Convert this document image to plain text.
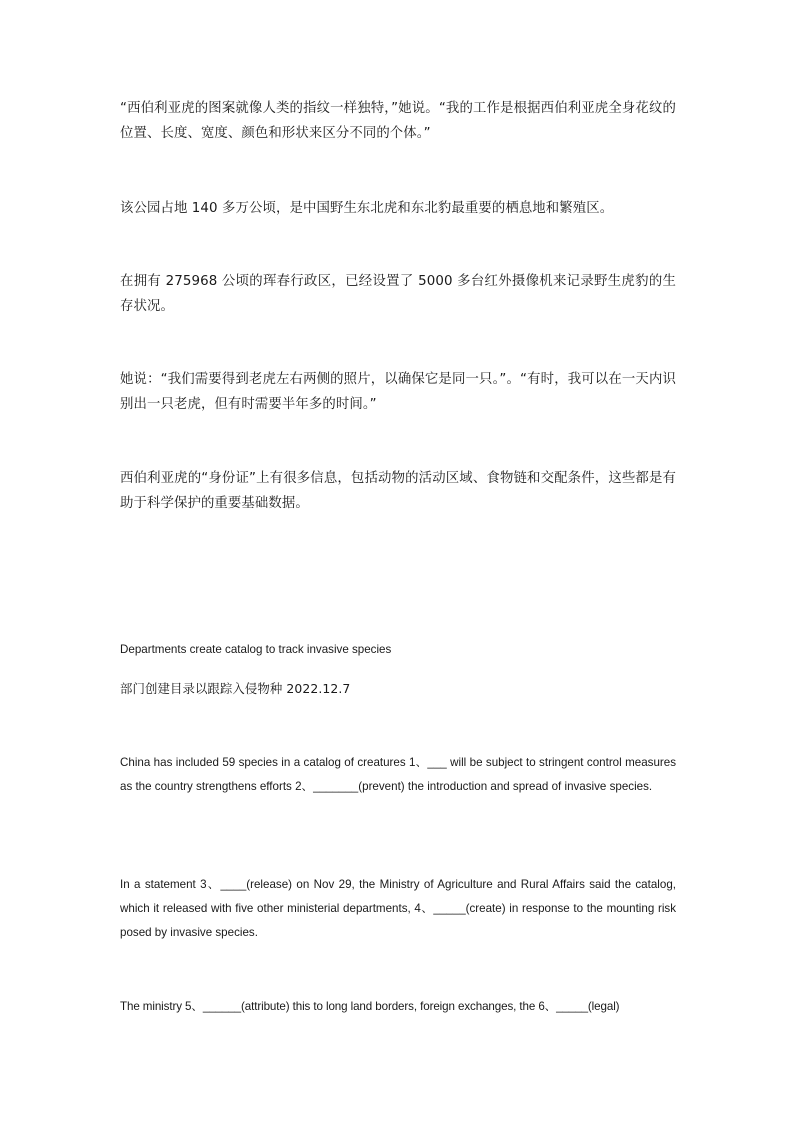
“西伯利亚虎的图案就像人类的指纹一样独特，”她说。“我的工作是根据西伯利亚虎全身花纹的位置、长度、宽度、颜色和形状来区分不同的个体。”

该公园占地 140 多万公顷，是中国野生东北虎和东北豹最重要的栖息地和繁殖区。

在拥有 275968 公顷的珲春行政区，已经设置了 5000 多台红外摄像机来记录野生虎豹的生存状况。

她说：“我们需要得到老虎左右两侧的照片，以确保它是同一只。”。“有时，我可以在一天内识别出一只老虎，但有时需要半年多的时间。”

西伯利亚虎的“身份证”上有很多信息，包括动物的活动区域、食物链和交配条件，这些都是有助于科学保护的重要基础数据。

Departments create catalog to track invasive species

部门创建目录以跟踪入侵物种 2022.12.7

China has included 59 species in a catalog of creatures 1、___ will be subject to stringent control measures as the country strengthens efforts 2、_______(prevent) the introduction and spread of invasive species.

In a statement 3、____(release) on Nov 29, the Ministry of Agriculture and Rural Affairs said the catalog, which it released with five other ministerial departments, 4、_____(create) in response to the mounting risk posed by invasive species.

The ministry 5、______(attribute) this to long land borders, foreign exchanges, the 6、_____(legal)
